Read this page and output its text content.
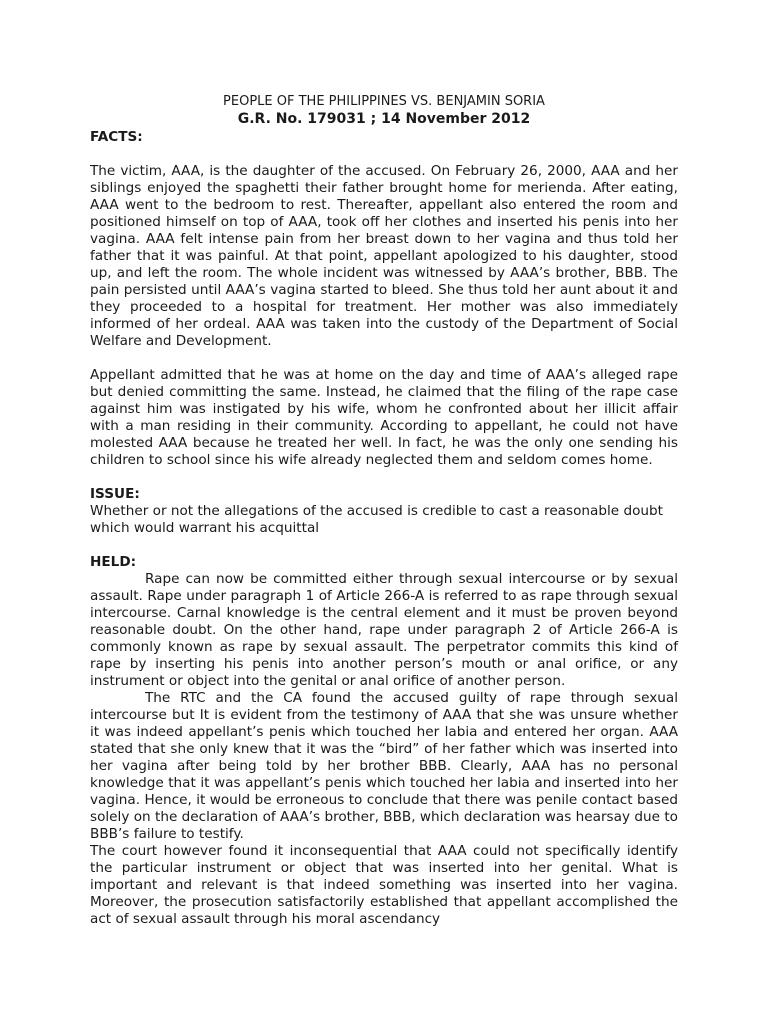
PEOPLE OF THE PHILIPPINES VS. BENJAMIN SORIA

G.R. No. 179031 ; 14 November 2012

FACTS:

The victim, AAA, is the daughter of the accused. On February 26, 2000, AAA and her siblings enjoyed the spaghetti their father brought home for merienda. After eating, AAA went to the bedroom to rest. Thereafter, appellant also entered the room and positioned himself on top of AAA, took off her clothes and inserted his penis into her vagina. AAA felt intense pain from her breast down to her vagina and thus told her father that it was painful. At that point, appellant apologized to his daughter, stood up, and left the room. The whole incident was witnessed by AAA’s brother, BBB. The pain persisted until AAA’s vagina started to bleed. She thus told her aunt about it and they proceeded to a hospital for treatment. Her mother was also immediately informed of her ordeal. AAA was taken into the custody of the Department of Social Welfare and Development.

Appellant admitted that he was at home on the day and time of AAA’s alleged rape but denied committing the same. Instead, he claimed that the filing of the rape case against him was instigated by his wife, whom he confronted about her illicit affair with a man residing in their community. According to appellant, he could not have molested AAA because he treated her well. In fact, he was the only one sending his children to school since his wife already neglected them and seldom comes home.

ISSUE:

Whether or not the allegations of the accused is credible to cast a reasonable doubt which would warrant his acquittal

HELD:

Rape can now be committed either through sexual intercourse or by sexual assault. Rape under paragraph 1 of Article 266-A is referred to as rape through sexual intercourse. Carnal knowledge is the central element and it must be proven beyond reasonable doubt. On the other hand, rape under paragraph 2 of Article 266-A is commonly known as rape by sexual assault. The perpetrator commits this kind of rape by inserting his penis into another person’s mouth or anal orifice, or any instrument or object into the genital or anal orifice of another person.

The RTC and the CA found the accused guilty of rape through sexual intercourse but It is evident from the testimony of AAA that she was unsure whether it was indeed appellant’s penis which touched her labia and entered her organ. AAA stated that she only knew that it was the “bird” of her father which was inserted into her vagina after being told by her brother BBB. Clearly, AAA has no personal knowledge that it was appellant’s penis which touched her labia and inserted into her vagina. Hence, it would be erroneous to conclude that there was penile contact based solely on the declaration of AAA’s brother, BBB, which declaration was hearsay due to BBB’s failure to testify.

The court however found it inconsequential that AAA could not specifically identify the particular instrument or object that was inserted into her genital. What is important and relevant is that indeed something was inserted into her vagina. Moreover, the prosecution satisfactorily established that appellant accomplished the act of sexual assault through his moral ascendancy
